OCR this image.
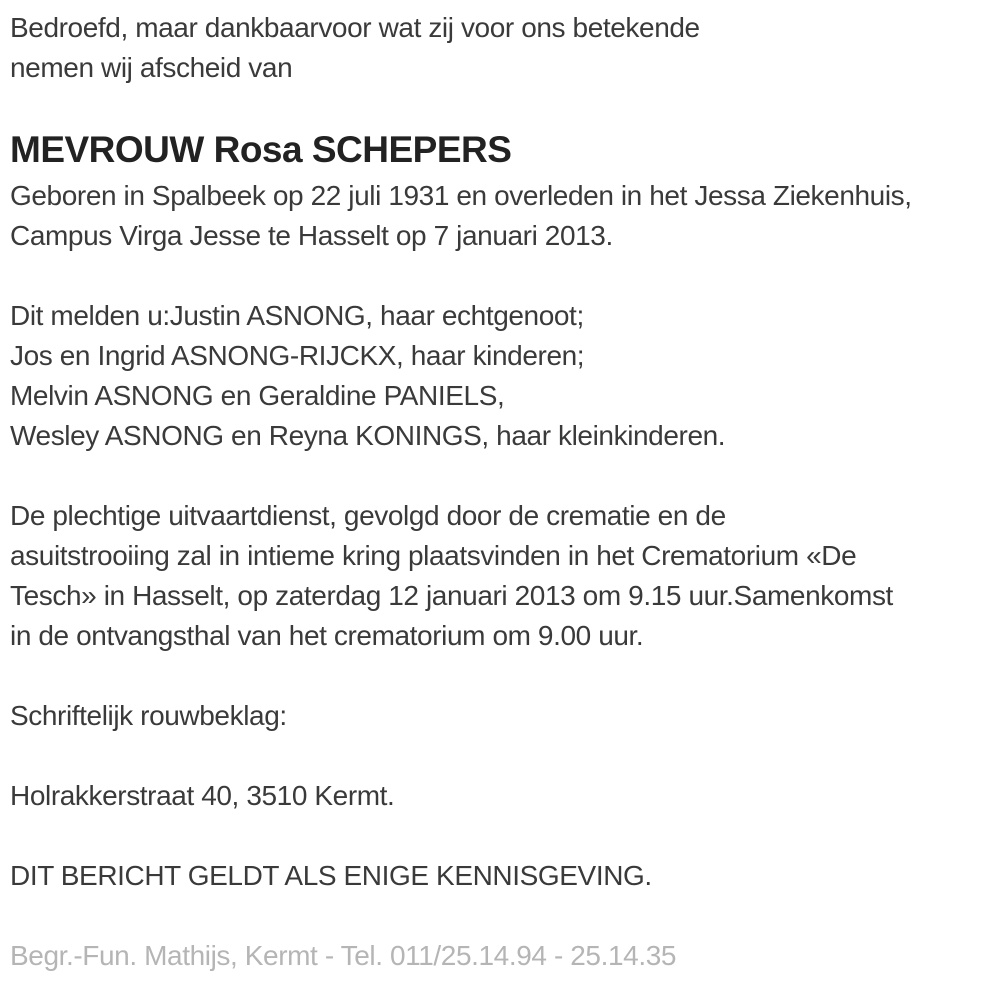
Bedroefd, maar dankbaarvoor wat zij voor ons betekende
nemen wij afscheid van
MEVROUW Rosa SCHEPERS
Geboren in Spalbeek op 22 juli 1931 en overleden in het Jessa Ziekenhuis,
Campus Virga Jesse te Hasselt op 7 januari 2013.
Dit melden u:Justin ASNONG, haar echtgenoot;
Jos en Ingrid ASNONG-RIJCKX, haar kinderen;
Melvin ASNONG en Geraldine PANIELS,
Wesley ASNONG en Reyna KONINGS, haar kleinkinderen.
De plechtige uitvaartdienst, gevolgd door de crematie en de
asuitstrooiing zal in intieme kring plaatsvinden in het Crematorium «De
Tesch» in Hasselt, op zaterdag 12 januari 2013 om 9.15 uur.Samenkomst
in de ontvangsthal van het crematorium om 9.00 uur.
Schriftelijk rouwbeklag:
Holrakkerstraat 40, 3510 Kermt.
DIT BERICHT GELDT ALS ENIGE KENNISGEVING.
Begr.-Fun. Mathijs, Kermt - Tel. 011/25.14.94 - 25.14.35
